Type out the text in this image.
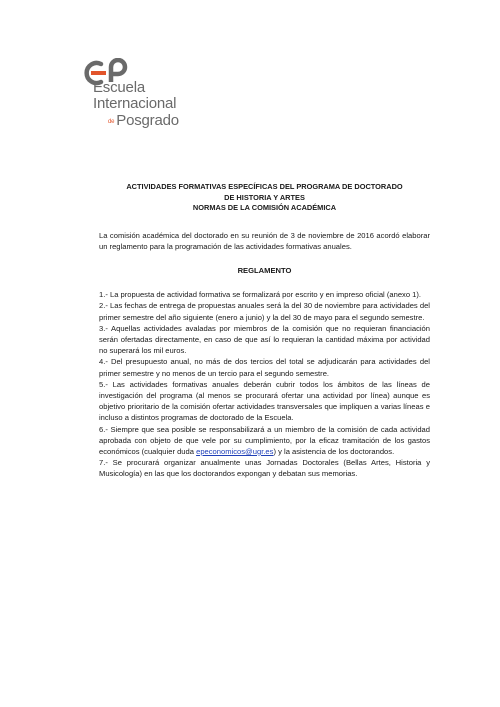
Escuela
Internacional
de Posgrado
ACTIVIDADES FORMATIVAS ESPECÍFICAS DEL PROGRAMA DE DOCTORADO
DE HISTORIA Y ARTES
NORMAS DE LA COMISIÓN ACADÉMICA

La comisión académica del doctorado en su reunión de 3 de noviembre de 2016 acordó elaborar un reglamento para la programación de las actividades formativas anuales.

REGLAMENTO

1.- La propuesta de actividad formativa se formalizará por escrito y en impreso oficial (anexo 1).

2.- Las fechas de entrega de propuestas anuales será la del 30 de noviembre para actividades del primer semestre del año siguiente (enero a junio) y la del 30 de mayo para el segundo semestre.

3.- Aquellas actividades avaladas por miembros de la comisión que no requieran financiación serán ofertadas directamente, en caso de que así lo requieran la cantidad máxima por actividad no superará los mil euros.

4.- Del presupuesto anual, no más de dos tercios del total se adjudicarán para actividades del primer semestre y no menos de un tercio para el segundo semestre.

5.- Las actividades formativas anuales deberán cubrir todos los ámbitos de las líneas de investigación del programa (al menos se procurará ofertar una actividad por línea) aunque es objetivo prioritario de la comisión ofertar actividades transversales que impliquen a varias líneas e incluso a distintos programas de doctorado de la Escuela.

6.- Siempre que sea posible se responsabilizará a un miembro de la comisión de cada actividad aprobada con objeto de que vele por su cumplimiento, por la eficaz tramitación de los gastos económicos (cualquier duda epeconomicos@ugr.es) y la asistencia de los doctorandos.

7.- Se procurará organizar anualmente unas Jornadas Doctorales (Bellas Artes, Historia y Musicología) en las que los doctorandos expongan y debatan sus memorias.
